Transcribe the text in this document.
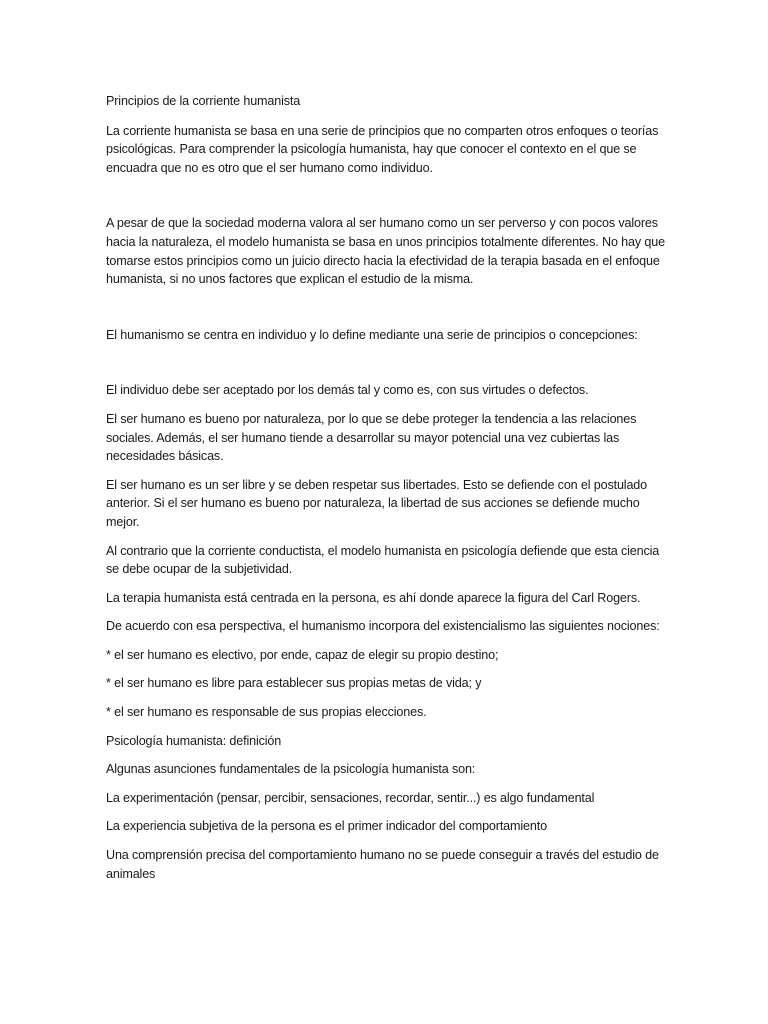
Principios de la corriente humanista

La corriente humanista se basa en una serie de principios que no comparten otros enfoques o teorías psicológicas. Para comprender la psicología humanista, hay que conocer el contexto en el que se encuadra que no es otro que el ser humano como individuo.

A pesar de que la sociedad moderna valora al ser humano como un ser perverso y con pocos valores hacia la naturaleza, el modelo humanista se basa en unos principios totalmente diferentes. No hay que tomarse estos principios como un juicio directo hacia la efectividad de la terapia basada en el enfoque humanista, si no unos factores que explican el estudio de la misma.

El humanismo se centra en individuo y lo define mediante una serie de principios o concepciones:

El individuo debe ser aceptado por los demás tal y como es, con sus virtudes o defectos.

El ser humano es bueno por naturaleza, por lo que se debe proteger la tendencia a las relaciones sociales. Además, el ser humano tiende a desarrollar su mayor potencial una vez cubiertas las necesidades básicas.

El ser humano es un ser libre y se deben respetar sus libertades. Esto se defiende con el postulado anterior. Si el ser humano es bueno por naturaleza, la libertad de sus acciones se defiende mucho mejor.

Al contrario que la corriente conductista, el modelo humanista en psicología defiende que esta ciencia se debe ocupar de la subjetividad.

La terapia humanista está centrada en la persona, es ahí donde aparece la figura del Carl Rogers.

De acuerdo con esa perspectiva, el humanismo incorpora del existencialismo las siguientes nociones:

* el ser humano es electivo, por ende, capaz de elegir su propio destino;

* el ser humano es libre para establecer sus propias metas de vida; y

* el ser humano es responsable de sus propias elecciones.

Psicología humanista: definición

Algunas asunciones fundamentales de la psicología humanista son:

La experimentación (pensar, percibir, sensaciones, recordar, sentir...) es algo fundamental

La experiencia subjetiva de la persona es el primer indicador del comportamiento

Una comprensión precisa del comportamiento humano no se puede conseguir a través del estudio de animales
